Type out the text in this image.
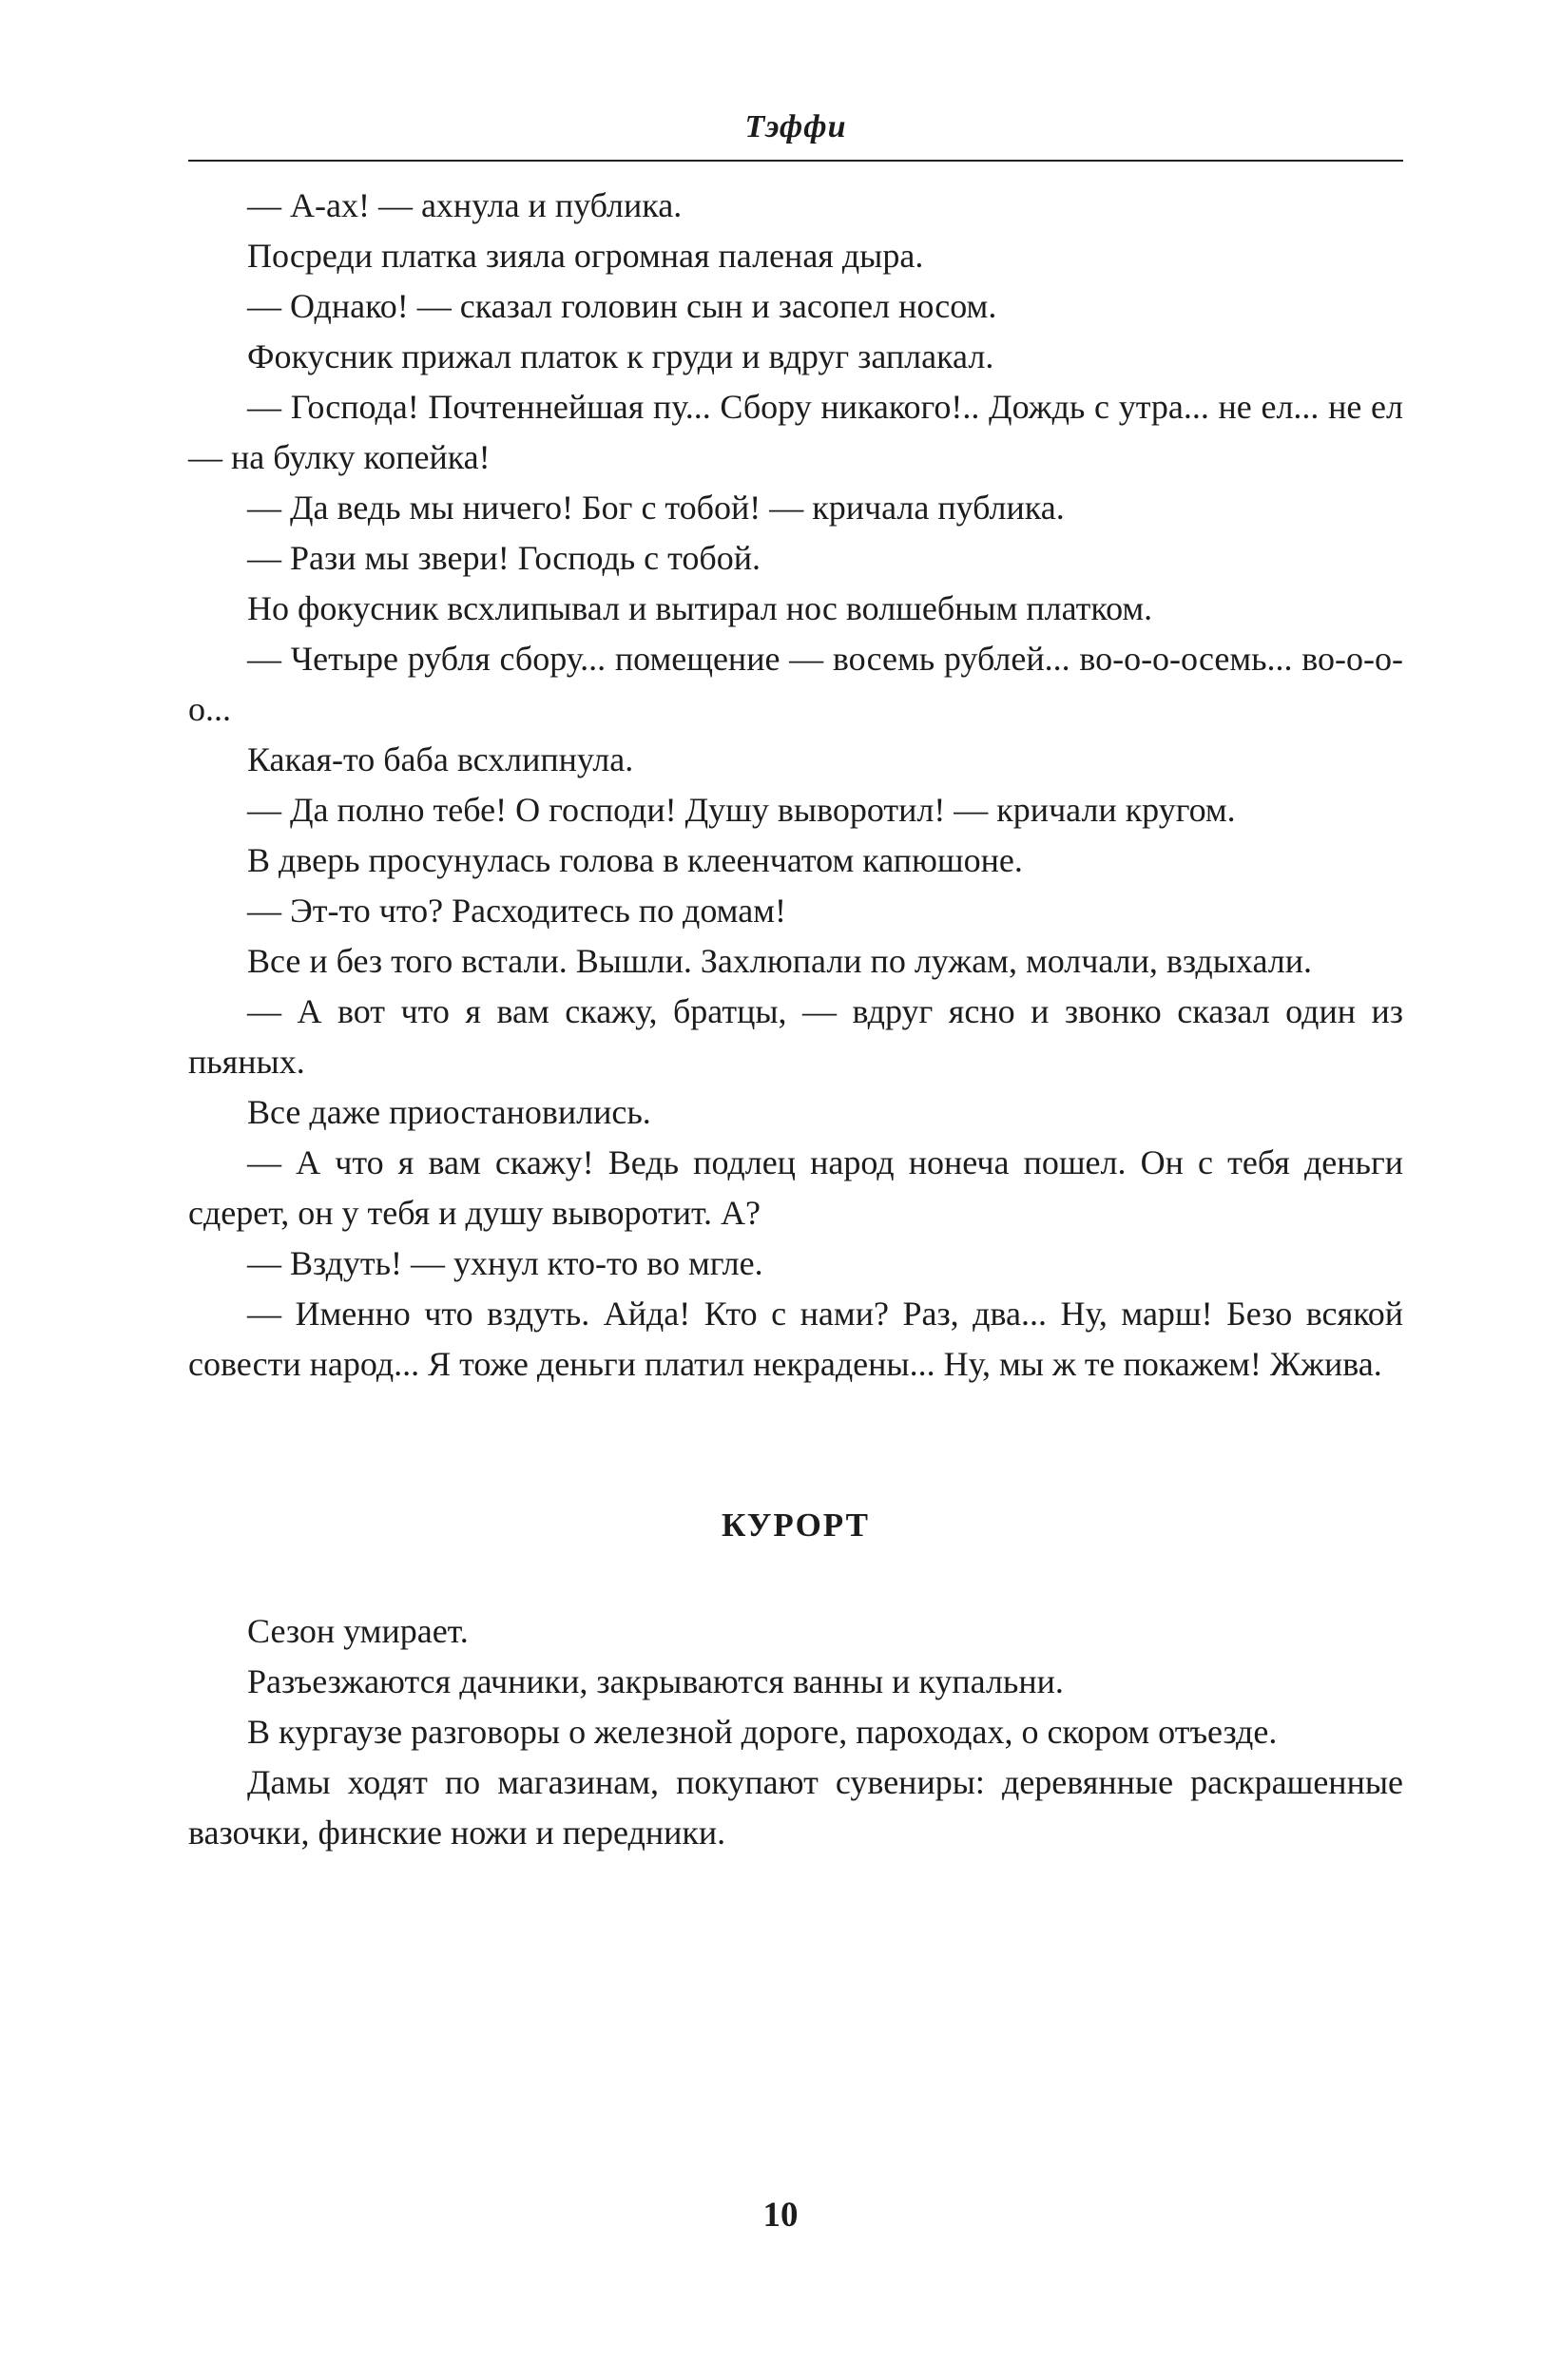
Тэффи

— А-ах! — ахнула и публика.

Посреди платка зияла огромная паленая дыра.

— Однако! — сказал головин сын и засопел носом.

Фокусник прижал платок к груди и вдруг заплакал.

— Господа! Почтеннейшая пу... Сбору никакого!.. Дождь с утра... не ел... не ел — на булку копейка!

— Да ведь мы ничего! Бог с тобой! — кричала публика.

— Рази мы звери! Господь с тобой.

Но фокусник всхлипывал и вытирал нос волшебным платком.

— Четыре рубля сбору... помещение — восемь рублей... во-о-о-осемь... во-о-о-о...

Какая-то баба всхлипнула.

— Да полно тебе! О господи! Душу выворотил! — кричали кругом.

В дверь просунулась голова в клеенчатом капюшоне.

— Эт-то что? Расходитесь по домам!

Все и без того встали. Вышли. Захлюпали по лужам, молчали, вздыхали.

— А вот что я вам скажу, братцы, — вдруг ясно и звонко сказал один из пьяных.

Все даже приостановились.

— А что я вам скажу! Ведь подлец народ нонеча пошел. Он с тебя деньги сдерет, он у тебя и душу выворотит. А?

— Вздуть! — ухнул кто-то во мгле.

— Именно что вздуть. Айда! Кто с нами? Раз, два... Ну, марш! Безо всякой совести народ... Я тоже деньги платил некрадены... Ну, мы ж те покажем! Жжива.

КУРОРТ

Сезон умирает.

Разъезжаются дачники, закрываются ванны и купальни.

В кургаузе разговоры о железной дороге, пароходах, о скором отъезде.

Дамы ходят по магазинам, покупают сувениры: деревянные раскрашенные вазочки, финские ножи и передники.

10
